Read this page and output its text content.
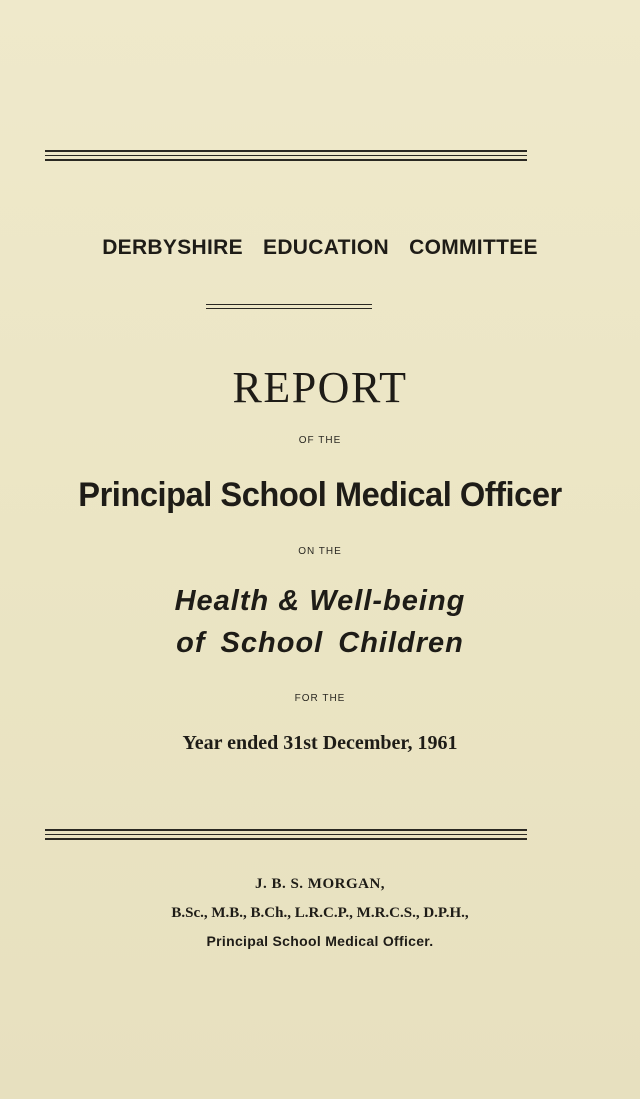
DERBYSHIRE EDUCATION COMMITTEE
REPORT
OF THE
Principal School Medical Officer
ON THE
Health & Well-being
of School Children
FOR THE
Year ended 31st December, 1961
J. B. S. MORGAN,
B.Sc., M.B., B.Ch., L.R.C.P., M.R.C.S., D.P.H.,
Principal School Medical Officer.
